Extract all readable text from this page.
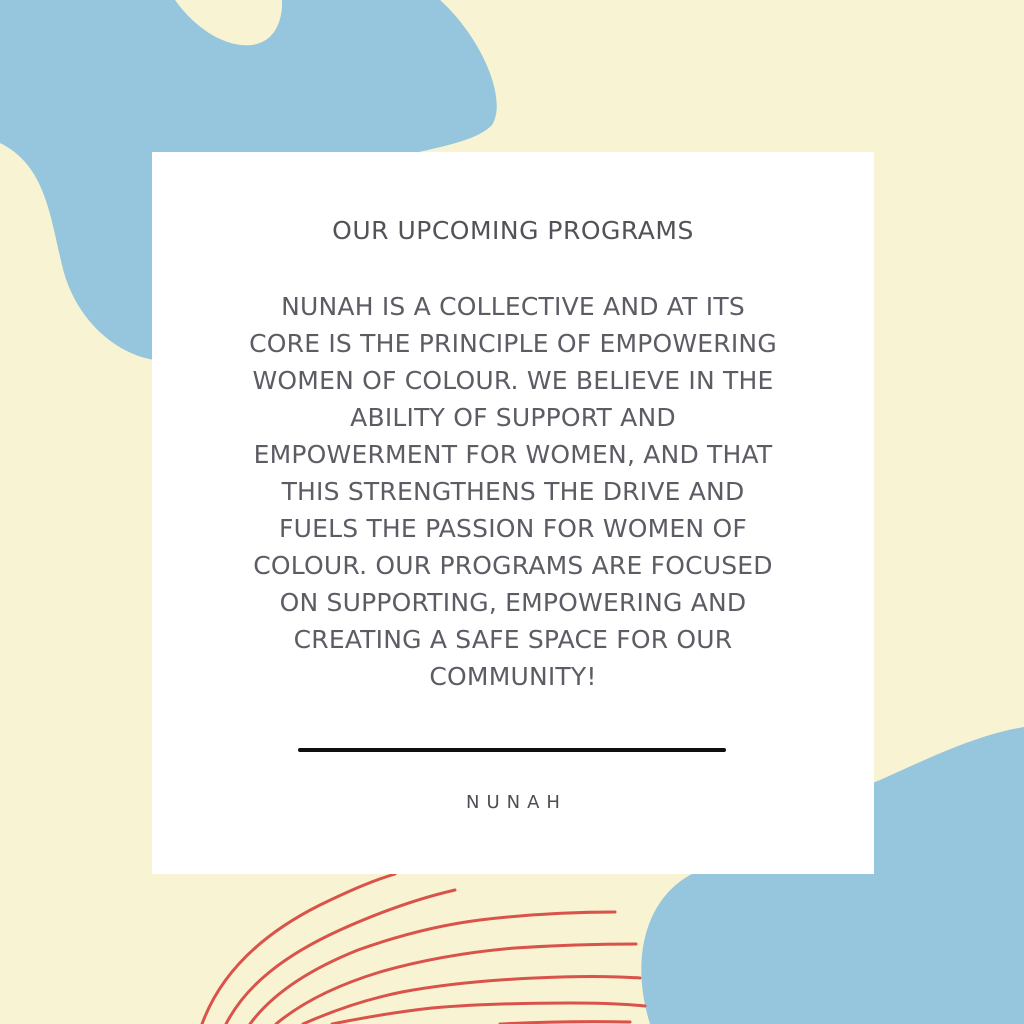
OUR UPCOMING PROGRAMS
NUNAH IS A COLLECTIVE AND AT ITS
CORE IS THE PRINCIPLE OF EMPOWERING
WOMEN OF COLOUR. WE BELIEVE IN THE
ABILITY OF SUPPORT AND
EMPOWERMENT FOR WOMEN, AND THAT
THIS STRENGTHENS THE DRIVE AND
FUELS THE PASSION FOR WOMEN OF
COLOUR. OUR PROGRAMS ARE FOCUSED
ON SUPPORTING, EMPOWERING AND
CREATING A SAFE SPACE FOR OUR
COMMUNITY!
NUNAH
